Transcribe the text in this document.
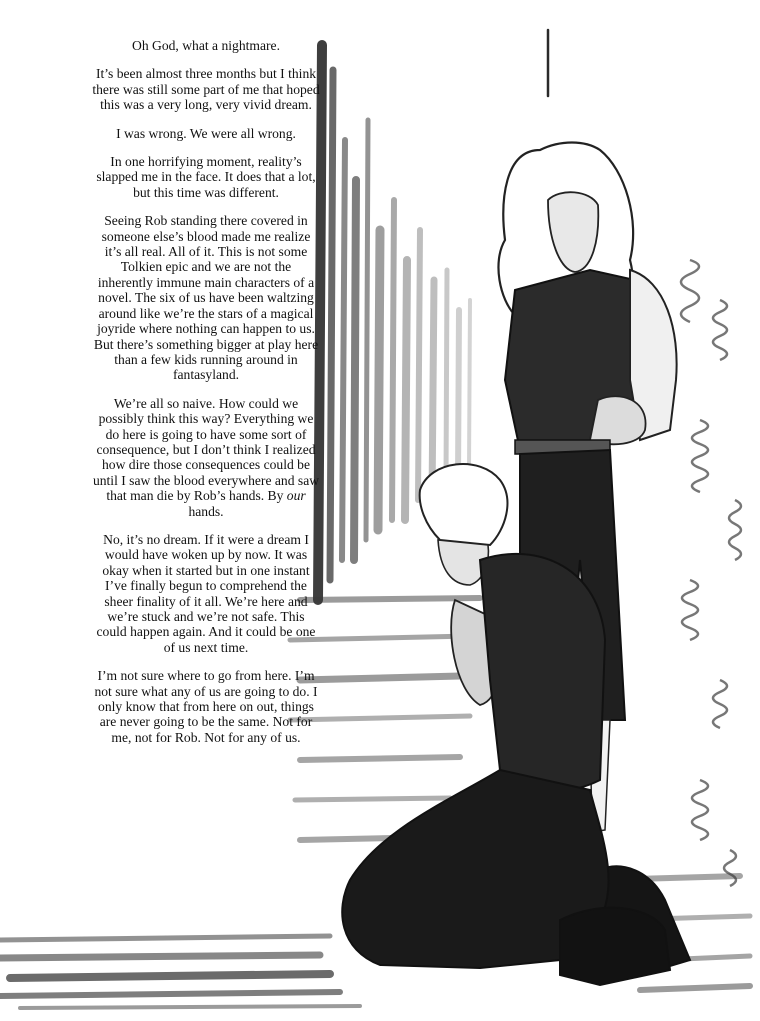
Oh God, what a nightmare.

It’s been almost three months but I think there was still some part of me that hoped this was a very long, very vivid dream.

I was wrong. We were all wrong.

In one horrifying moment, reality’s slapped me in the face. It does that a lot, but this time was different.

Seeing Rob standing there covered in someone else’s blood made me realize it’s all real. All of it. This is not some Tolkien epic and we are not the inherently immune main characters of a novel. The six of us have been waltzing around like we’re the stars of a magical joyride where nothing can happen to us. But there’s something bigger at play here than a few kids running around in fantasyland.

We’re all so naive. How could we possibly think this way? Everything we do here is going to have some sort of consequence, but I don’t think I realized how dire those consequences could be until I saw the blood everywhere and saw that man die by Rob’s hands. By our hands.

No, it’s no dream. If it were a dream I would have woken up by now. It was okay when it started but in one instant I’ve finally begun to comprehend the sheer finality of it all. We’re here and we’re stuck and we’re not safe. This could happen again. And it could be one of us next time.

I’m not sure where to go from here. I’m not sure what any of us are going to do. I only know that from here on out, things are never going to be the same. Not for me, not for Rob. Not for any of us.
